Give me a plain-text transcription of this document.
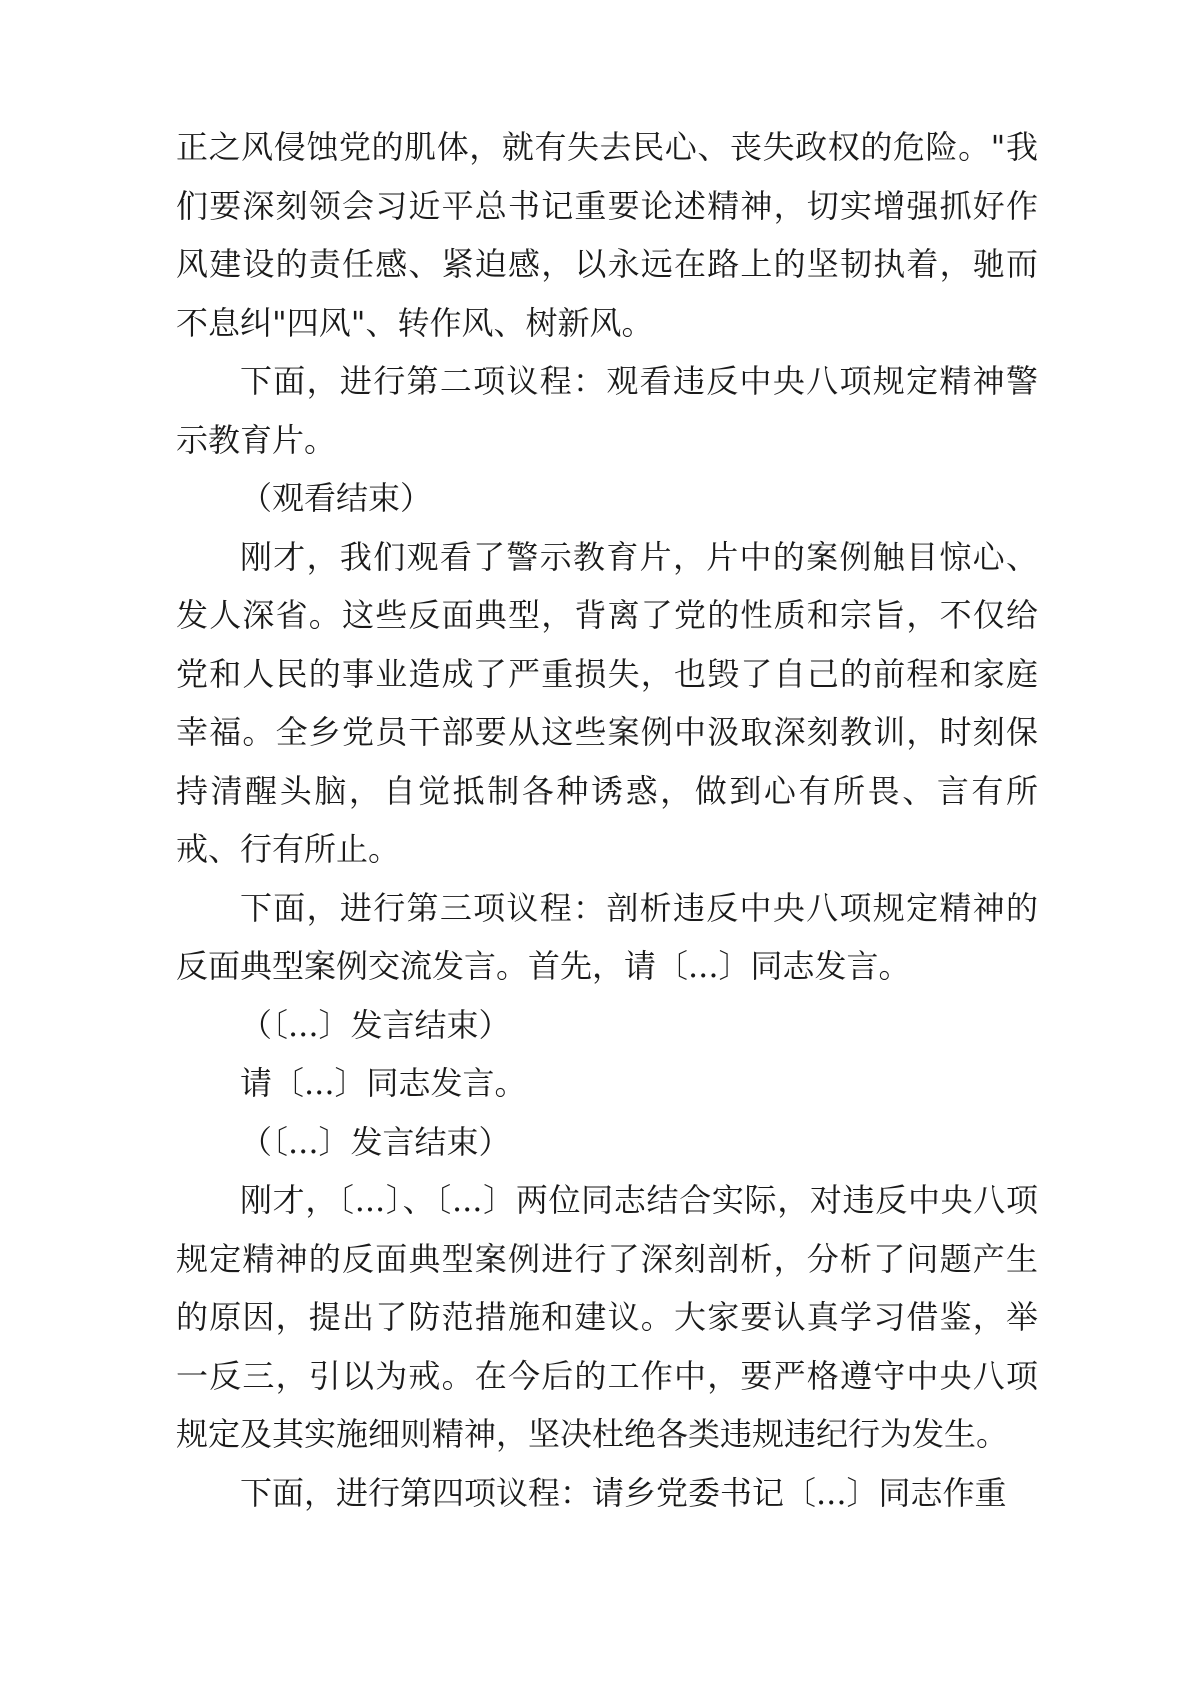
正之风侵蚀党的肌体，就有失去民心、丧失政权的危险。"我们要深刻领会习近平总书记重要论述精神，切实增强抓好作风建设的责任感、紧迫感，以永远在路上的坚韧执着，驰而不息纠"四风"、转作风、树新风。

下面，进行第二项议程：观看违反中央八项规定精神警示教育片。

（观看结束）

刚才，我们观看了警示教育片，片中的案例触目惊心、发人深省。这些反面典型，背离了党的性质和宗旨，不仅给党和人民的事业造成了严重损失，也毁了自己的前程和家庭幸福。全乡党员干部要从这些案例中汲取深刻教训，时刻保持清醒头脑，自觉抵制各种诱惑，做到心有所畏、言有所戒、行有所止。

下面，进行第三项议程：剖析违反中央八项规定精神的反面典型案例交流发言。首先，请〔...〕同志发言。

（〔...〕发言结束）

请〔...〕同志发言。

（〔...〕发言结束）

刚才，〔...〕、〔...〕两位同志结合实际，对违反中央八项规定精神的反面典型案例进行了深刻剖析，分析了问题产生的原因，提出了防范措施和建议。大家要认真学习借鉴，举一反三，引以为戒。在今后的工作中，要严格遵守中央八项规定及其实施细则精神，坚决杜绝各类违规违纪行为发生。

下面，进行第四项议程：请乡党委书记〔...〕同志作重
